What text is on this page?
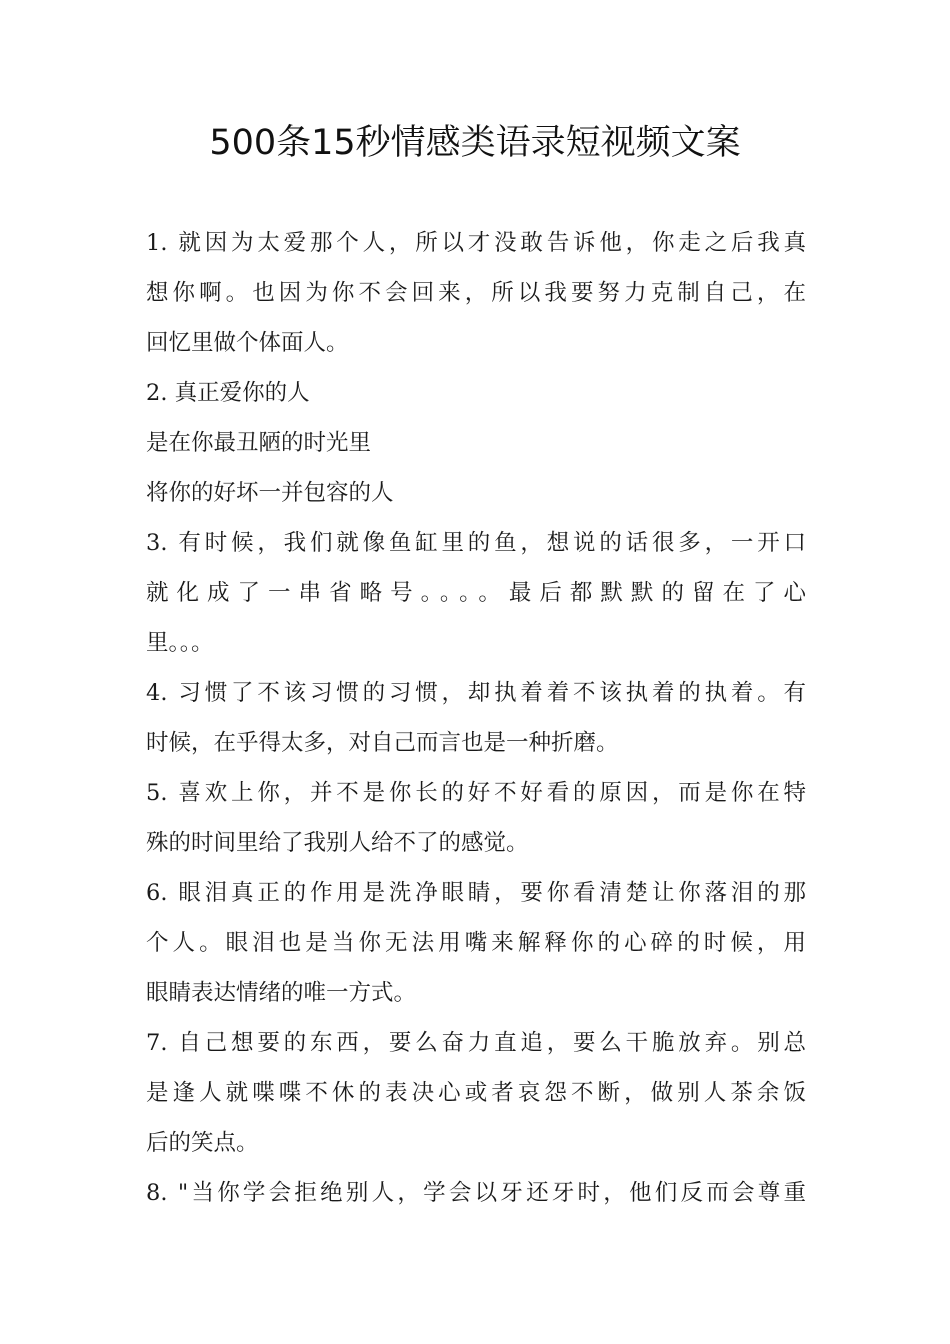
500条15秒情感类语录短视频文案
1. 就因为太爱那个人，所以才没敢告诉他，你走之后我真
想你啊。也因为你不会回来，所以我要努力克制自己，在
回忆里做个体面人。
2. 真正爱你的人
是在你最丑陋的时光里
将你的好坏一并包容的人
3. 有时候，我们就像鱼缸里的鱼，想说的话很多，一开口
就化成了一串省略号。。。。最后都默默的留在了心
里。。。
4. 习惯了不该习惯的习惯，却执着着不该执着的执着。有
时候，在乎得太多，对自己而言也是一种折磨。
5. 喜欢上你，并不是你长的好不好看的原因，而是你在特
殊的时间里给了我别人给不了的感觉。
6. 眼泪真正的作用是洗净眼睛，要你看清楚让你落泪的那
个人。眼泪也是当你无法用嘴来解释你的心碎的时候，用
眼睛表达情绪的唯一方式。
7. 自己想要的东西，要么奋力直追，要么干脆放弃。别总
是逢人就喋喋不休的表决心或者哀怨不断，做别人茶余饭
后的笑点。
8. "当你学会拒绝别人，学会以牙还牙时，他们反而会尊重
